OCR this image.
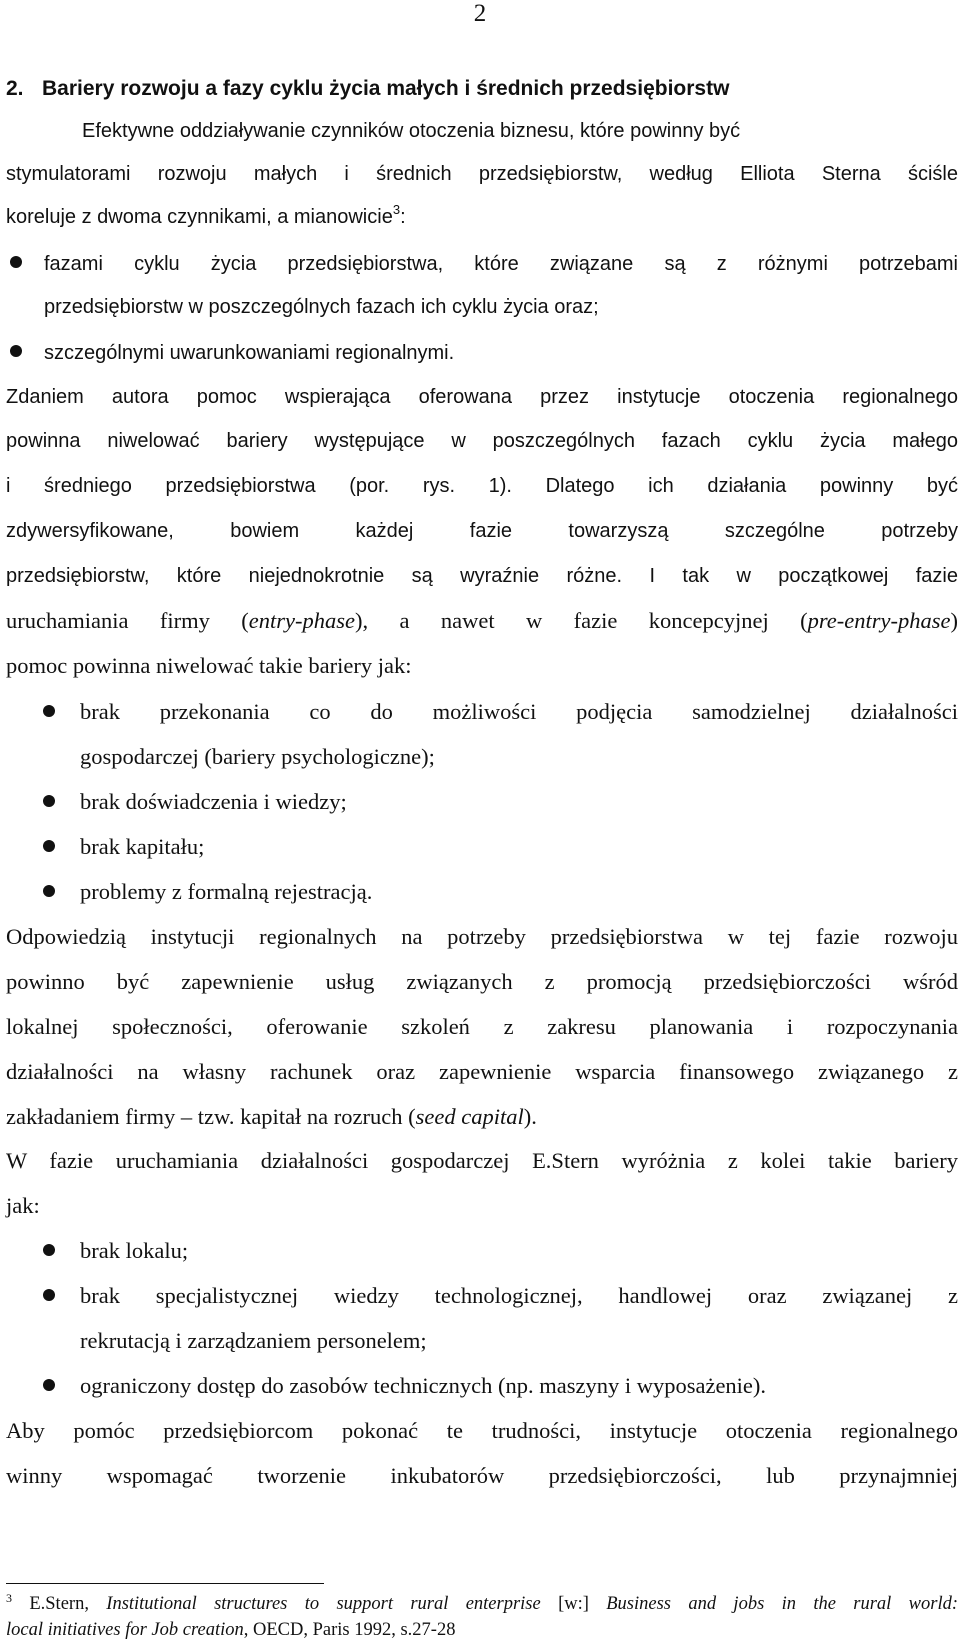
2
2. Bariery rozwoju a fazy cyklu życia małych i średnich przedsiębiorstw
Efektywne oddziaływanie czynników otoczenia biznesu, które powinny być
stymulatorami rozwoju małych i średnich przedsiębiorstw, według Elliota Sterna ściśle
koreluje z dwoma czynnikami, a mianowicie$^3$:
fazami cyklu życia przedsiębiorstwa, które związane są z różnymi potrzebami
przedsiębiorstw w poszczególnych fazach ich cyklu życia oraz;
szczególnymi uwarunkowaniami regionalnymi.
Zdaniem autora pomoc wspierająca oferowana przez instytucje otoczenia regionalnego
powinna niwelować bariery występujące w poszczególnych fazach cyklu życia małego
i średniego przedsiębiorstwa (por. rys. 1). Dlatego ich działania powinny być
zdywersyfikowane, bowiem każdej fazie towarzyszą szczególne potrzeby
przedsiębiorstw, które niejednokrotnie są wyraźnie różne. I tak w początkowej fazie
uruchamiania firmy (entry-phase), a nawet w fazie koncepcyjnej (pre-entry-phase)
pomoc powinna niwelować takie bariery jak:
brak przekonania co do możliwości podjęcia samodzielnej działalności
gospodarczej (bariery psychologiczne);
brak doświadczenia i wiedzy;
brak kapitału;
problemy z formalną rejestracją.
Odpowiedzią instytucji regionalnych na potrzeby przedsiębiorstwa w tej fazie rozwoju
powinno być zapewnienie usług związanych z promocją przedsiębiorczości wśród
lokalnej społeczności, oferowanie szkoleń z zakresu planowania i rozpoczynania
działalności na własny rachunek oraz zapewnienie wsparcia finansowego związanego z
zakładaniem firmy – tzw. kapitał na rozruch (seed capital).
W fazie uruchamiania działalności gospodarczej E.Stern wyróżnia z kolei takie bariery
jak:
brak lokalu;
brak specjalistycznej wiedzy technologicznej, handlowej oraz związanej z
rekrutacją i zarządzaniem personelem;
ograniczony dostęp do zasobów technicznych (np. maszyny i wyposażenie).
Aby pomóc przedsiębiorcom pokonać te trudności, instytucje otoczenia regionalnego
winny wspomagać tworzenie inkubatorów przedsiębiorczości, lub przynajmniej
$^3$ E.Stern, Institutional structures to support rural enterprise [w:] Business and jobs in the rural world:
local initiatives for Job creation, OECD, Paris 1992, s.27-28
